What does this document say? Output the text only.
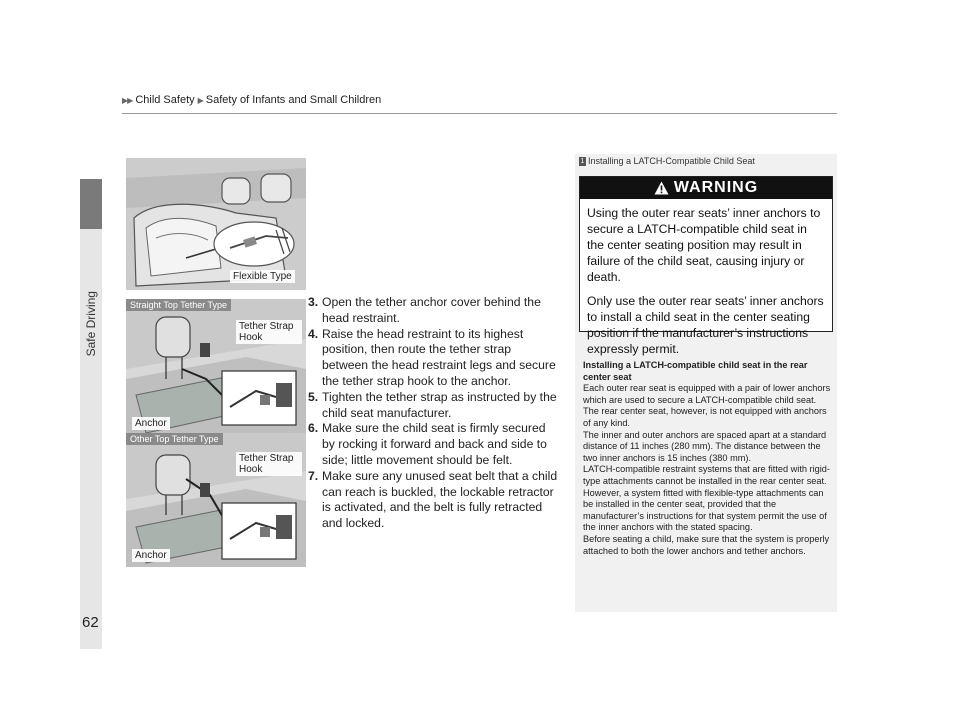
Safe Driving
▶▶ Child Safety ▶ Safety of Infants and Small Children
Flexible Type
Straight Top Tether Type
Tether Strap Hook
Anchor
Other Top Tether Type
Tether Strap Hook
Anchor
3. Open the tether anchor cover behind the head restraint.
4. Raise the head restraint to its highest position, then route the tether strap between the head restraint legs and secure the tether strap hook to the anchor.
5. Tighten the tether strap as instructed by the child seat manufacturer.
6. Make sure the child seat is firmly secured by rocking it forward and back and side to side; little movement should be felt.
7. Make sure any unused seat belt that a child can reach is buckled, the lockable retractor is activated, and the belt is fully retracted and locked.
1 Installing a LATCH-Compatible Child Seat
WARNING

Using the outer rear seats’ inner anchors to secure a LATCH-compatible child seat in the center seating position may result in failure of the child seat, causing injury or death.

Only use the outer rear seats’ inner anchors to install a child seat in the center seating position if the manufacturer’s instructions expressly permit.

Installing a LATCH-compatible child seat in the rear center seat
Each outer rear seat is equipped with a pair of lower anchors which are used to secure a LATCH-compatible child seat. The rear center seat, however, is not equipped with anchors of any kind.
The inner and outer anchors are spaced apart at a standard distance of 11 inches (280 mm). The distance between the two inner anchors is 15 inches (380 mm).
LATCH-compatible restraint systems that are fitted with rigid-type attachments cannot be installed in the rear center seat. However, a system fitted with flexible-type attachments can be installed in the center seat, provided that the manufacturer’s instructions for that system permit the use of the inner anchors with the stated spacing.
Before seating a child, make sure that the system is properly attached to both the lower anchors and tether anchors.
62
